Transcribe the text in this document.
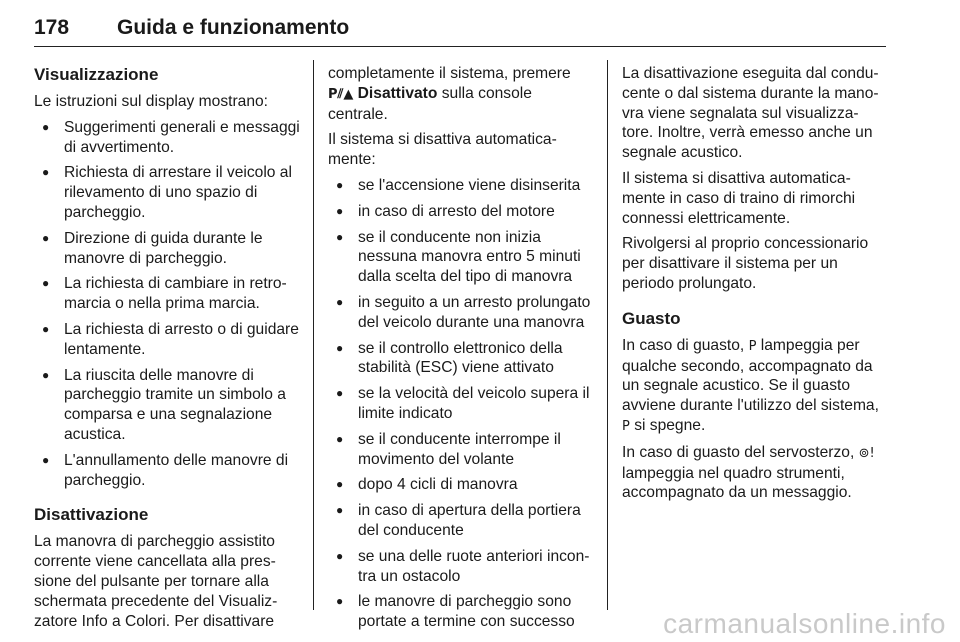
178 Guida e funzionamento
Visualizzazione

Le istruzioni sul display mostrano:

● Suggerimenti generali e messaggi di avvertimento.
● Richiesta di arrestare il veicolo al rilevamento di uno spazio di parcheggio.
● Direzione di guida durante le manovre di parcheggio.
● La richiesta di cambiare in retro-marcia o nella prima marcia.
● La richiesta di arresto o di guidare lentamente.
● La riuscita delle manovre di parcheggio tramite un simbolo a comparsa e una segnalazione acustica.
● L'annullamento delle manovre di parcheggio.
Disattivazione

La manovra di parcheggio assistito corrente viene cancellata alla pres-sione del pulsante per tornare alla schermata precedente del Visualiz-zatore Info a Colori. Per disattivare

completamente il sistema, premere
P⫽▲ Disattivato sulla console centrale.

Il sistema si disattiva automatica-mente:

● se l'accensione viene disinserita
● in caso di arresto del motore
● se il conducente non inizia nessuna manovra entro 5 minuti dalla scelta del tipo di manovra
● in seguito a un arresto prolungato del veicolo durante una manovra
● se il controllo elettronico della stabilità (ESC) viene attivato
● se la velocità del veicolo supera il limite indicato
● se il conducente interrompe il movimento del volante
● dopo 4 cicli di manovra
● in caso di apertura della portiera del conducente
● se una delle ruote anteriori incon-tra un ostacolo
● le manovre di parcheggio sono portate a termine con successo

La disattivazione eseguita dal condu-cente o dal sistema durante la mano-vra viene segnalata sul visualizza-tore. Inoltre, verrà emesso anche un segnale acustico.

Il sistema si disattiva automatica-mente in caso di traino di rimorchi connessi elettricamente.

Rivolgersi al proprio concessionario per disattivare il sistema per un periodo prolungato.

Guasto

In caso di guasto, P lampeggia per qualche secondo, accompagnato da un segnale acustico. Se il guasto avviene durante l'utilizzo del sistema, P si spegne.

In caso di guasto del servosterzo, ⊚! lampeggia nel quadro strumenti, accompagnato da un messaggio.

carmanualsonline.info
